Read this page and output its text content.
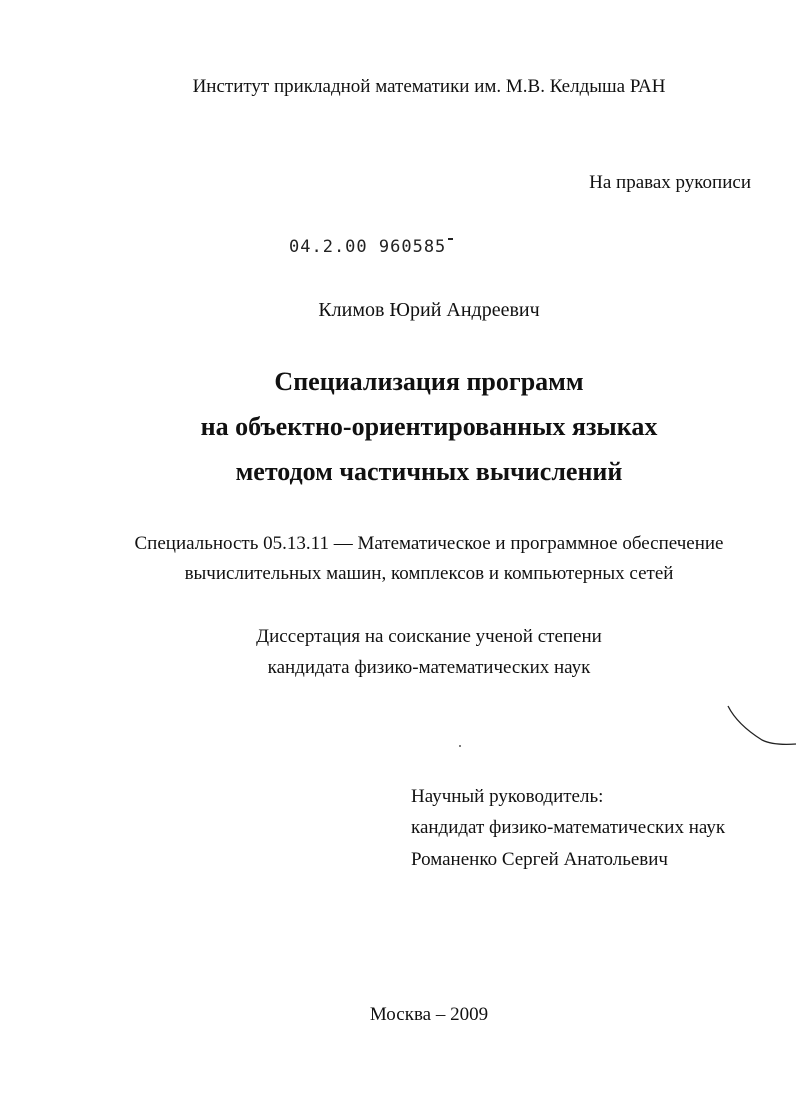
Институт прикладной математики им. М.В. Келдыша РАН
На правах рукописи
04.2.00 960585
Климов Юрий Андреевич
Специализация программ
на объектно-ориентированных языках
методом частичных вычислений
Специальность 05.13.11 — Математическое и программное обеспечение
вычислительных машин, комплексов и компьютерных сетей
Диссертация на соискание ученой степени
кандидата физико-математических наук
Научный руководитель:
кандидат физико-математических наук
Романенко Сергей Анатольевич
Москва – 2009
